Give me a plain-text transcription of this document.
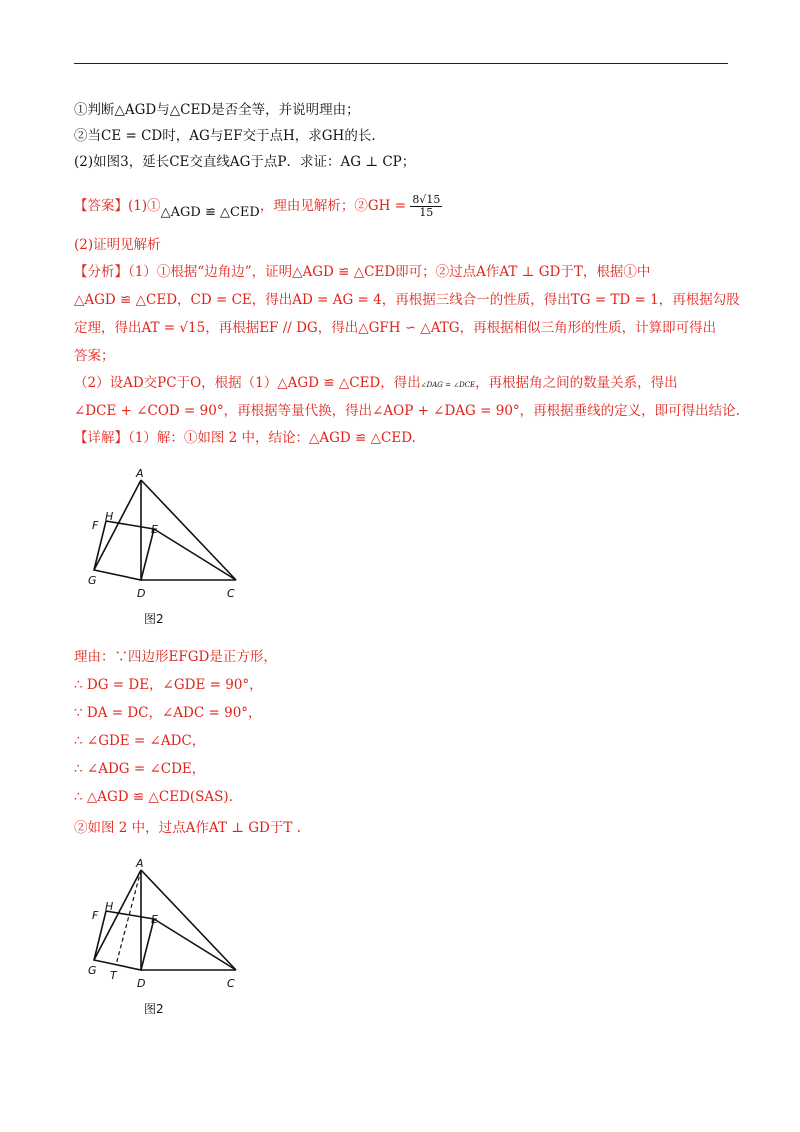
①判断△AGD与△CED是否全等，并说明理由；
②当CE = CD时，AG与EF交于点H，求GH的长.
(2)如图3，延长CE交直线AG于点P．求证：AG ⊥ CP；
【答案】(1)①△AGD ≌ △CED，理由见解析；②GH = $\frac{8√15}{15}$
(2)证明见解析
【分析】（1）①根据“边角边”，证明△AGD ≌ △CED即可；②过点A作AT ⊥ GD于T，根据①中
△AGD ≌ △CED，CD = CE，得出AD = AG = 4，再根据三线合一的性质，得出TG = TD = 1，再根据勾股
定理，得出AT = √15，再根据EF // DG，得出△GFH ∽ △ATG，再根据相似三角形的性质，计算即可得出
答案；
（2）设AD交PC于O，根据（1）△AGD ≌ △CED，得出∠DAG = ∠DCE，再根据角之间的数量关系，得出
∠DCE + ∠COD = 90°，再根据等量代换，得出∠AOP + ∠DAG = 90°，再根据垂线的定义，即可得出结论.
【详解】（1）解：①如图 2 中，结论：△AGD ≌ △CED.
A
F
H
E
G
D	C
图2
理由：∵四边形EFGD是正方形，
∴ DG = DE，∠GDE = 90°，
∵ DA = DC，∠ADC = 90°，
∴ ∠GDE = ∠ADC，
∴ ∠ADG = ∠CDE，
∴ △AGD ≌ △CED(SAS).
②如图 2 中，过点A作AT ⊥ GD于T .
A
F
H
E
G T
D	C
图2
